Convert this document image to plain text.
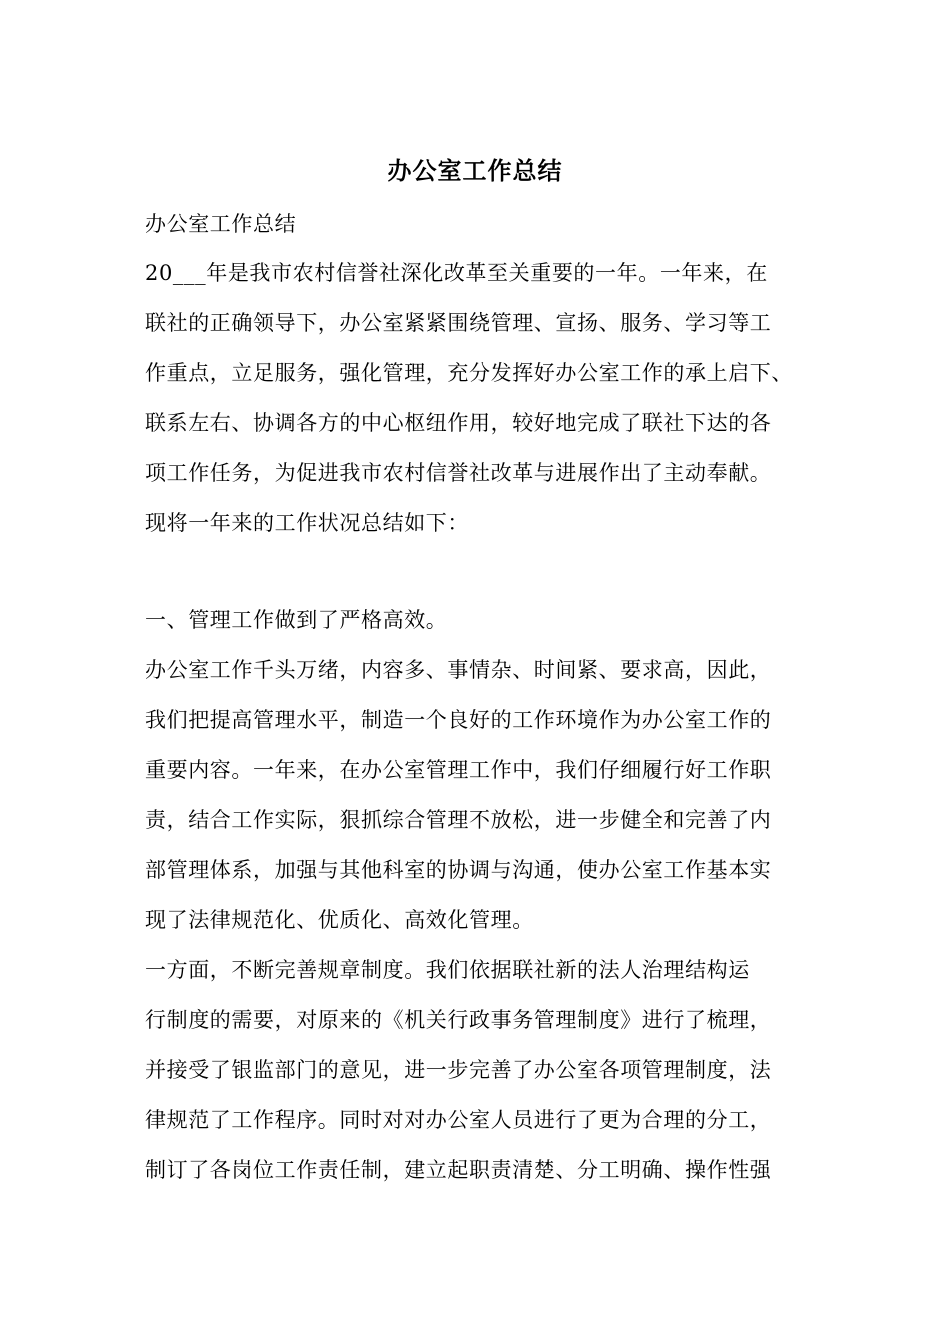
办公室工作总结
办公室工作总结
20___年是我市农村信誉社深化改革至关重要的一年。一年来，在
联社的正确领导下，办公室紧紧围绕管理、宣扬、服务、学习等工
作重点，立足服务，强化管理，充分发挥好办公室工作的承上启下、
联系左右、协调各方的中心枢纽作用，较好地完成了联社下达的各
项工作任务，为促进我市农村信誉社改革与进展作出了主动奉献。
现将一年来的工作状况总结如下：
一、管理工作做到了严格高效。
办公室工作千头万绪，内容多、事情杂、时间紧、要求高，因此，
我们把提高管理水平，制造一个良好的工作环境作为办公室工作的
重要内容。一年来，在办公室管理工作中，我们仔细履行好工作职
责，结合工作实际，狠抓综合管理不放松，进一步健全和完善了内
部管理体系，加强与其他科室的协调与沟通，使办公室工作基本实
现了法律规范化、优质化、高效化管理。
一方面，不断完善规章制度。我们依据联社新的法人治理结构运
行制度的需要，对原来的《机关行政事务管理制度》进行了梳理，
并接受了银监部门的意见，进一步完善了办公室各项管理制度，法
律规范了工作程序。同时对对办公室人员进行了更为合理的分工，
制订了各岗位工作责任制，建立起职责清楚、分工明确、操作性强
